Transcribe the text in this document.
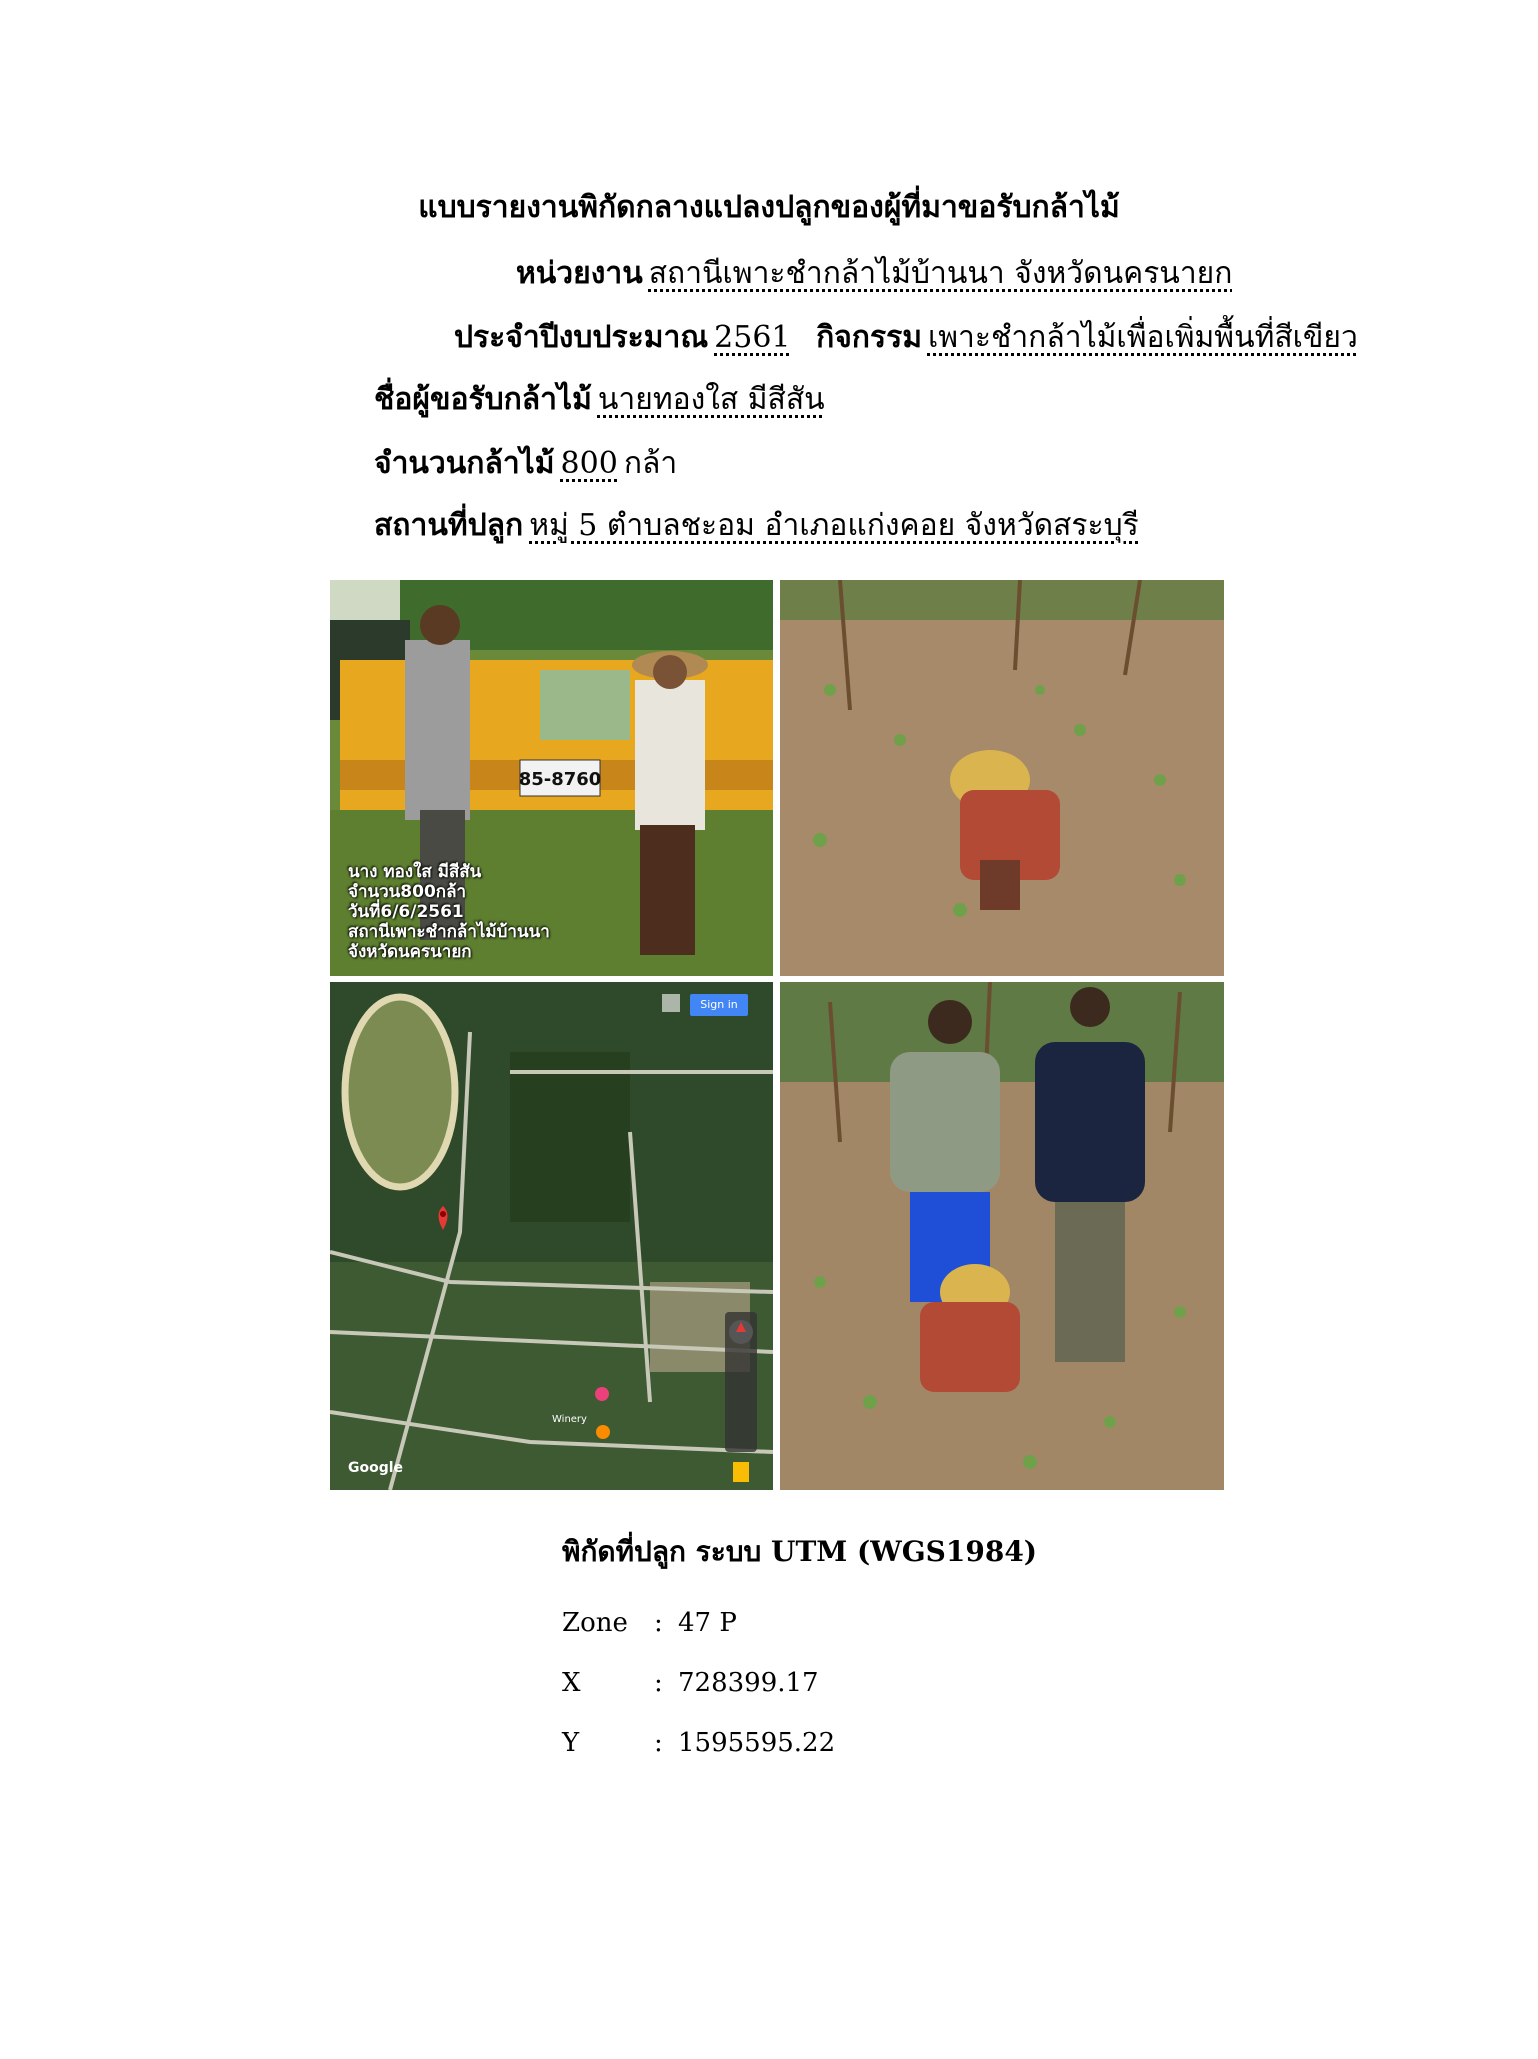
แบบรายงานพิกัดกลางแปลงปลูกของผู้ที่มาขอรับกล้าไม้
หน่วยงาน สถานีเพาะชำกล้าไม้บ้านนา จังหวัดนครนายก
ประจำปีงบประมาณ 2561 กิจกรรม เพาะชำกล้าไม้เพื่อเพิ่มพื้นที่สีเขียว
ชื่อผู้ขอรับกล้าไม้ นายทองใส มีสีสัน
จำนวนกล้าไม้ 800 กล้า
สถานที่ปลูก หมู่ 5 ตำบลชะอม อำเภอแก่งคอย จังหวัดสระบุรี
85-8760
นาง ทองใส มีสีสัน
จำนวน800กล้า
วันที่6/6/2561
สถานีเพาะชำกล้าไม้บ้านนา
จังหวัดนครนายก
Sign in
Google
Winery
พิกัดที่ปลูก ระบบ UTM (WGS1984)
Zone : 47 P
X	: 728399.17
Y	: 1595595.22
